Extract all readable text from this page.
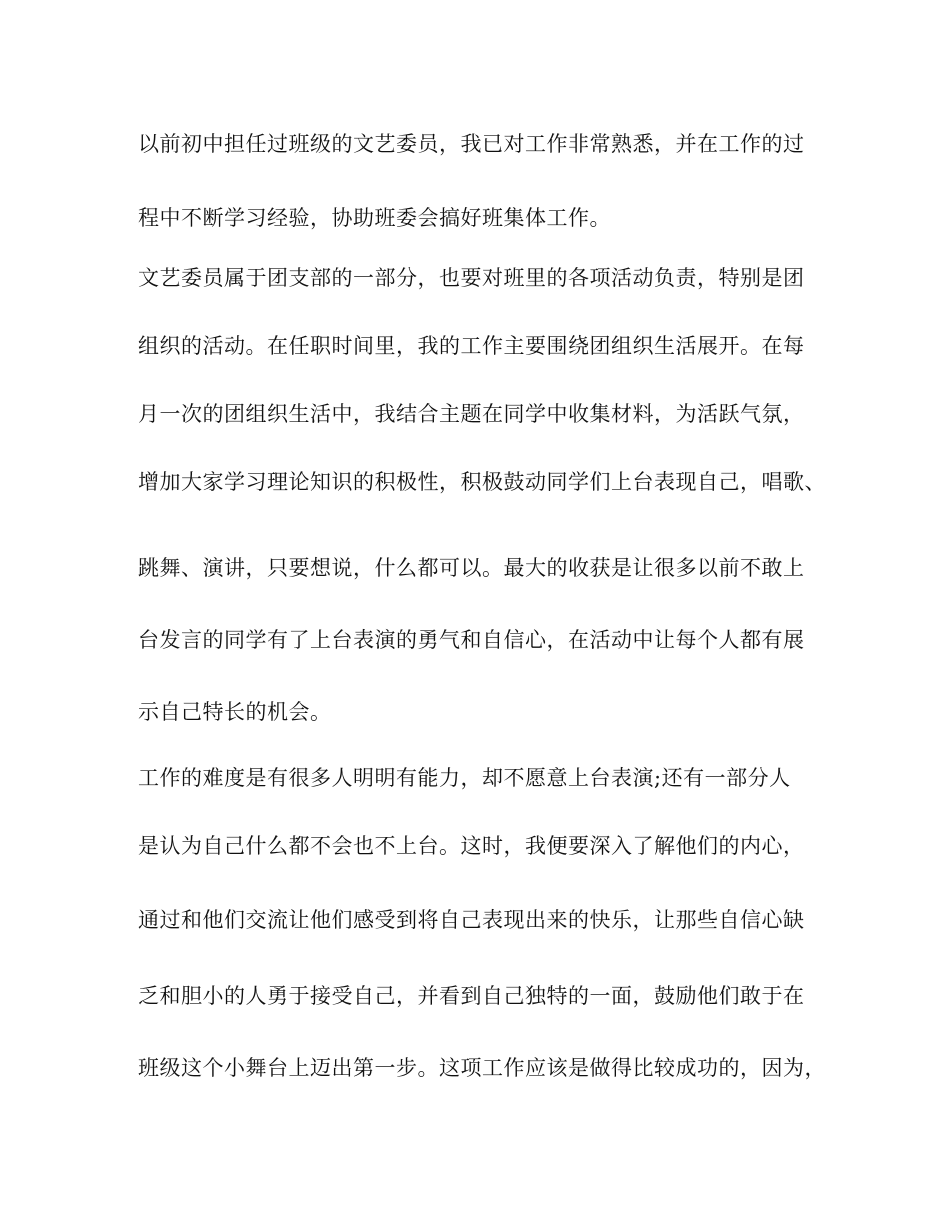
以前初中担任过班级的文艺委员，我已对工作非常熟悉，并在工作的过
程中不断学习经验，协助班委会搞好班集体工作。
文艺委员属于团支部的一部分，也要对班里的各项活动负责，特别是团
组织的活动。在任职时间里，我的工作主要围绕团组织生活展开。在每
月一次的团组织生活中，我结合主题在同学中收集材料，为活跃气氛，
增加大家学习理论知识的积极性，积极鼓动同学们上台表现自己，唱歌、
跳舞、演讲，只要想说，什么都可以。最大的收获是让很多以前不敢上
台发言的同学有了上台表演的勇气和自信心，在活动中让每个人都有展
示自己特长的机会。
工作的难度是有很多人明明有能力，却不愿意上台表演;还有一部分人
是认为自己什么都不会也不上台。这时，我便要深入了解他们的内心，
通过和他们交流让他们感受到将自己表现出来的快乐，让那些自信心缺
乏和胆小的人勇于接受自己，并看到自己独特的一面，鼓励他们敢于在
班级这个小舞台上迈出第一步。这项工作应该是做得比较成功的，因为，
